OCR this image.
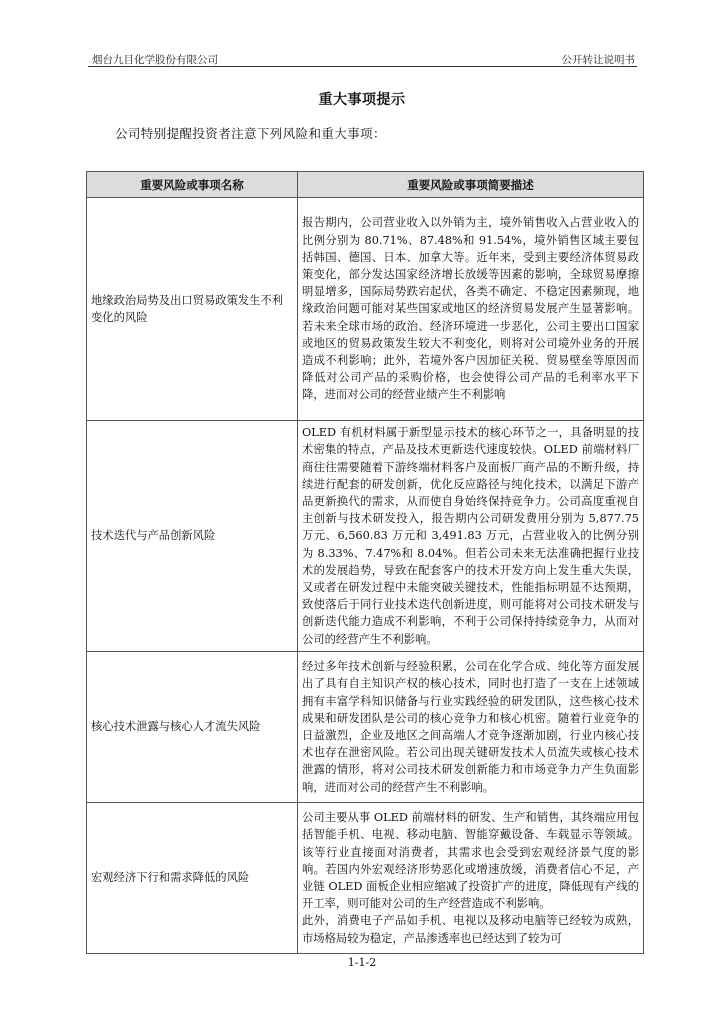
烟台九目化学股份有限公司	公开转让说明书
重大事项提示
公司特别提醒投资者注意下列风险和重大事项：
重要风险或事项名称	重要风险或事项简要描述
地缘政治局势及出口贸易政策发生不利变化的风险	报告期内，公司营业收入以外销为主，境外销售收入占营业收入的比例分别为 80.71%、87.48%和 91.54%，境外销售区域主要包括韩国、德国、日本、加拿大等。近年来，受到主要经济体贸易政策变化，部分发达国家经济增长放缓等因素的影响，全球贸易摩擦明显增多，国际局势跌宕起伏，各类不确定、不稳定因素频现，地缘政治问题可能对某些国家或地区的经济贸易发展产生显著影响。若未来全球市场的政治、经济环境进一步恶化，公司主要出口国家或地区的贸易政策发生较大不利变化，则将对公司境外业务的开展造成不利影响；此外，若境外客户因加征关税、贸易壁垒等原因而降低对公司产品的采购价格，也会使得公司产品的毛利率水平下降，进而对公司的经营业绩产生不利影响
技术迭代与产品创新风险	OLED 有机材料属于新型显示技术的核心环节之一，具备明显的技术密集的特点，产品及技术更新迭代速度较快。OLED 前端材料厂商往往需要随着下游终端材料客户及面板厂商产品的不断升级，持续进行配套的研发创新，优化反应路径与纯化技术，以满足下游产品更新换代的需求，从而使自身始终保持竞争力。公司高度重视自主创新与技术研发投入，报告期内公司研发费用分别为 5,877.75 万元、6,560.83 万元和 3,491.83 万元，占营业收入的比例分别为 8.33%、7.47%和 8.04%。但若公司未来无法准确把握行业技术的发展趋势，导致在配套客户的技术开发方向上发生重大失误，又或者在研发过程中未能突破关键技术，性能指标明显不达预期，致使落后于同行业技术迭代创新进度，则可能将对公司技术研发与创新迭代能力造成不利影响，不利于公司保持持续竞争力，从而对公司的经营产生不利影响。
核心技术泄露与核心人才流失风险	经过多年技术创新与经验积累，公司在化学合成、纯化等方面发展出了具有自主知识产权的核心技术，同时也打造了一支在上述领域拥有丰富学科知识储备与行业实践经验的研发团队，这些核心技术成果和研发团队是公司的核心竞争力和核心机密。随着行业竞争的日益激烈，企业及地区之间高端人才竞争逐渐加剧，行业内核心技术也存在泄密风险。若公司出现关键研发技术人员流失或核心技术泄露的情形，将对公司技术研发创新能力和市场竞争力产生负面影响，进而对公司的经营产生不利影响。
宏观经济下行和需求降低的风险	公司主要从事 OLED 前端材料的研发、生产和销售，其终端应用包括智能手机、电视、移动电脑、智能穿戴设备、车载显示等领域。该等行业直接面对消费者，其需求也会受到宏观经济景气度的影响。若国内外宏观经济形势恶化或增速放缓，消费者信心不足，产业链 OLED 面板企业相应缩减了投资扩产的进度，降低现有产线的开工率，则可能对公司的生产经营造成不利影响。
此外，消费电子产品如手机、电视以及移动电脑等已经较为成熟，市场格局较为稳定，产品渗透率也已经达到了较为可
1-1-2
